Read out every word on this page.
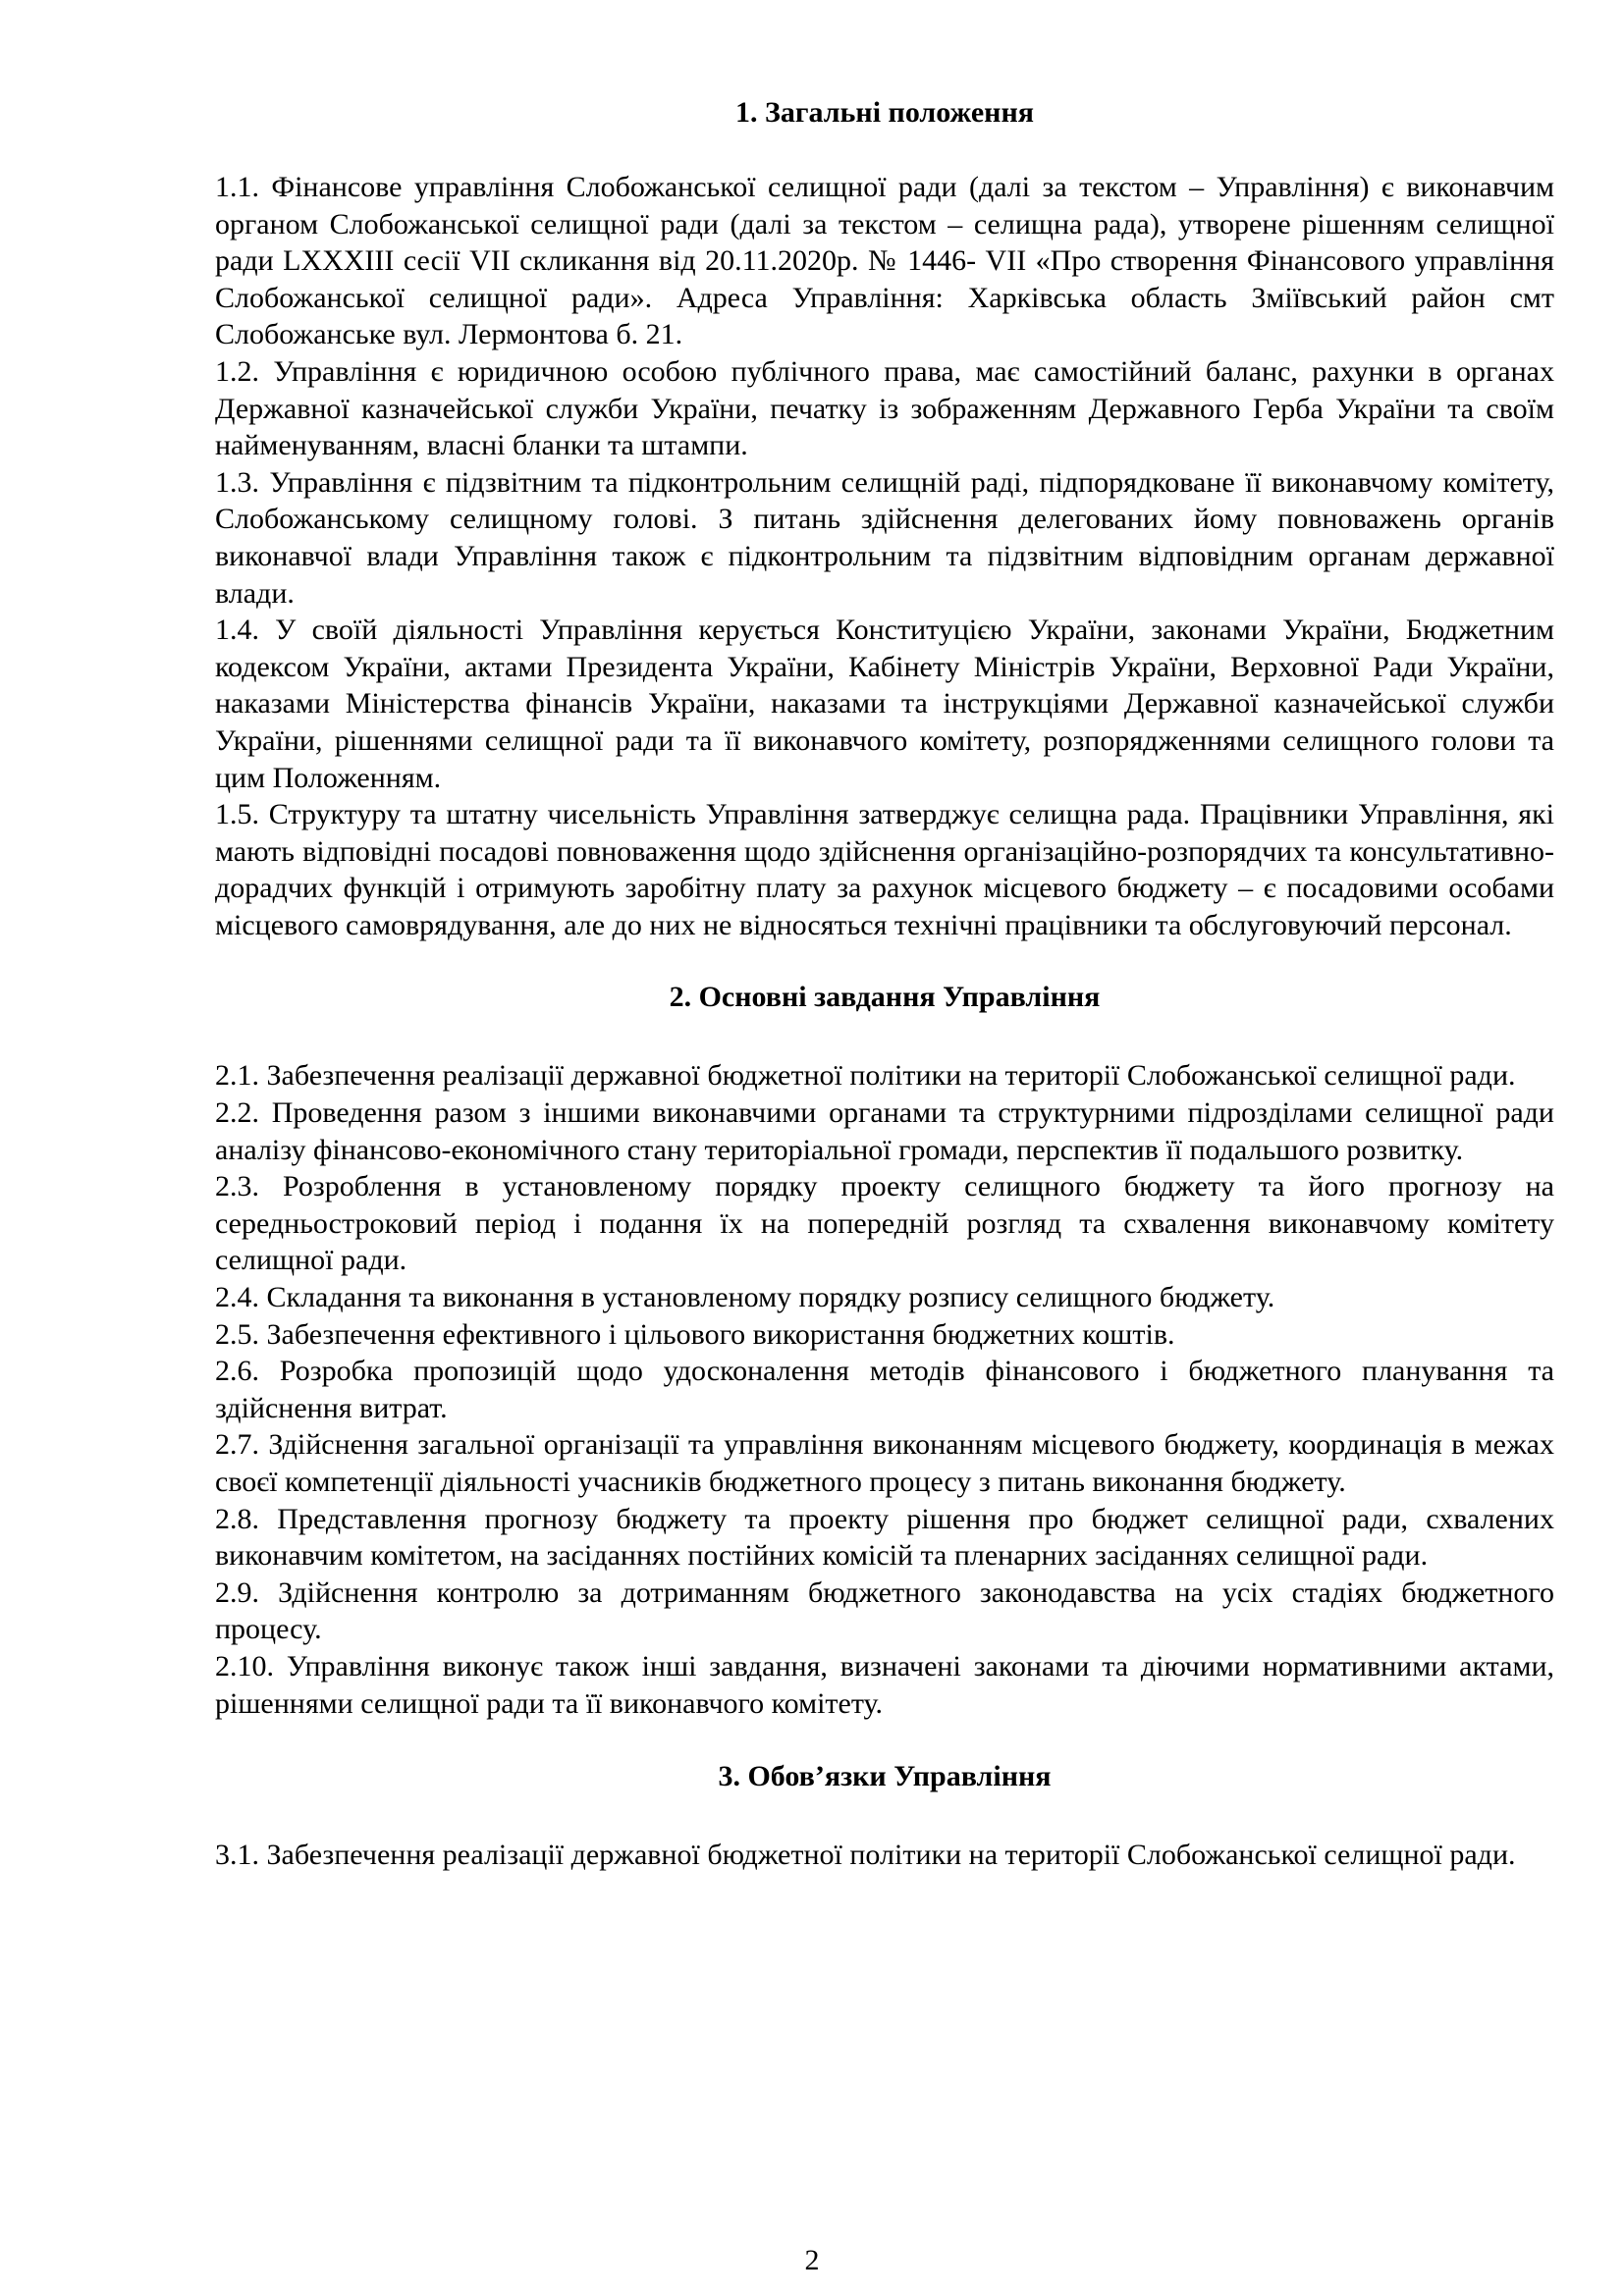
1. Загальні положення

1.1. Фінансове управління Слобожанської селищної ради (далі за текстом – Управління) є виконавчим органом Слобожанської селищної ради (далі за текстом – селищна рада), утворене рішенням селищної ради LXXXIII сесії VII скликання від 20.11.2020р. № 1446- VII «Про створення Фінансового управління Слобожанської селищної ради». Адреса Управління: Харківська область Зміївський район смт Слобожанське вул. Лермонтова б. 21.

1.2. Управління є юридичною особою публічного права, має самостійний баланс, рахунки в органах Державної казначейської служби України, печатку із зображенням Державного Герба України та своїм найменуванням, власні бланки та штампи.

1.3. Управління є підзвітним та підконтрольним селищній раді, підпорядковане її виконавчому комітету, Слобожанському селищному голові. З питань здійснення делегованих йому повноважень органів виконавчої влади Управління також є підконтрольним та підзвітним відповідним органам державної влади.

1.4. У своїй діяльності Управління керується Конституцією України, законами України, Бюджетним кодексом України, актами Президента України, Кабінету Міністрів України, Верховної Ради України, наказами Міністерства фінансів України, наказами та інструкціями Державної казначейської служби України, рішеннями селищної ради та її виконавчого комітету, розпорядженнями селищного голови та цим Положенням.

1.5. Структуру та штатну чисельність Управління затверджує селищна рада. Працівники Управління, які мають відповідні посадові повноваження щодо здійснення організаційно-розпорядчих та консультативно-дорадчих функцій і отримують заробітну плату за рахунок місцевого бюджету – є посадовими особами місцевого самоврядування, але до них не відносяться технічні працівники та обслуговуючий персонал.

2. Основні завдання Управління

2.1. Забезпечення реалізації державної бюджетної політики на території Слобожанської селищної ради.

2.2. Проведення разом з іншими виконавчими органами та структурними підрозділами селищної ради аналізу фінансово-економічного стану територіальної громади, перспектив її подальшого розвитку.

2.3. Розроблення в установленому порядку проекту селищного бюджету та його прогнозу на середньостроковий період і подання їх на попередній розгляд та схвалення виконавчому комітету селищної ради.

2.4. Складання та виконання в установленому порядку розпису селищного бюджету.

2.5. Забезпечення ефективного і цільового використання бюджетних коштів.

2.6. Розробка пропозицій щодо удосконалення методів фінансового і бюджетного планування та здійснення витрат.

2.7. Здійснення загальної організації та управління виконанням місцевого бюджету, координація в межах своєї компетенції діяльності учасників бюджетного процесу з питань виконання бюджету.

2.8. Представлення прогнозу бюджету та проекту рішення про бюджет селищної ради, схвалених виконавчим комітетом, на засіданнях постійних комісій та пленарних засіданнях селищної ради.

2.9. Здійснення контролю за дотриманням бюджетного законодавства на усіх стадіях бюджетного процесу.

2.10. Управління виконує також інші завдання, визначені законами та діючими нормативними актами, рішеннями селищної ради та її виконавчого комітету.

3. Обов’язки Управління

3.1. Забезпечення реалізації державної бюджетної політики на території Слобожанської селищної ради.

2
